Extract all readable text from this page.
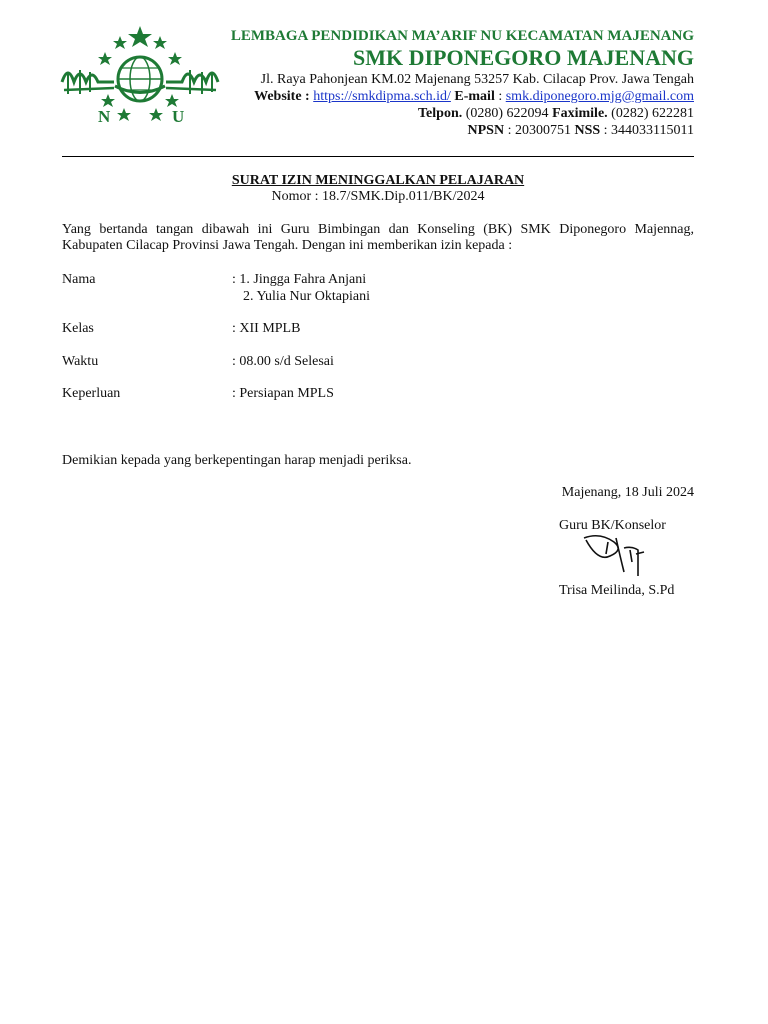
N	U
LEMBAGA PENDIDIKAN MA’ARIF NU KECAMATAN MAJENANG
SMK DIPONEGORO MAJENANG
Jl. Raya Pahonjean KM.02 Majenang 53257 Kab. Cilacap Prov. Jawa Tengah
Website : https://smkdipma.sch.id/ E-mail : smk.diponegoro.mjg@gmail.com
Telpon. (0280) 622094 Faximile. (0282) 622281
NPSN : 20300751 NSS : 344033115011
SURAT IZIN MENINGGALKAN PELAJARAN
Nomor : 18.7/SMK.Dip.011/BK/2024
Yang bertanda tangan dibawah ini Guru Bimbingan dan Konseling (BK) SMK Diponegoro Majennag, Kabupaten Cilacap Provinsi Jawa Tengah. Dengan ini memberikan izin kepada :
Nama	: 1. Jingga Fahra Anjani
2. Yulia Nur Oktapiani
Kelas	: XII MPLB
Waktu	: 08.00 s/d Selesai
Keperluan	: Persiapan MPLS
Demikian kepada yang berkepentingan harap menjadi periksa.
Majenang, 18 Juli 2024
Guru BK/Konselor
Trisa Meilinda, S.Pd
